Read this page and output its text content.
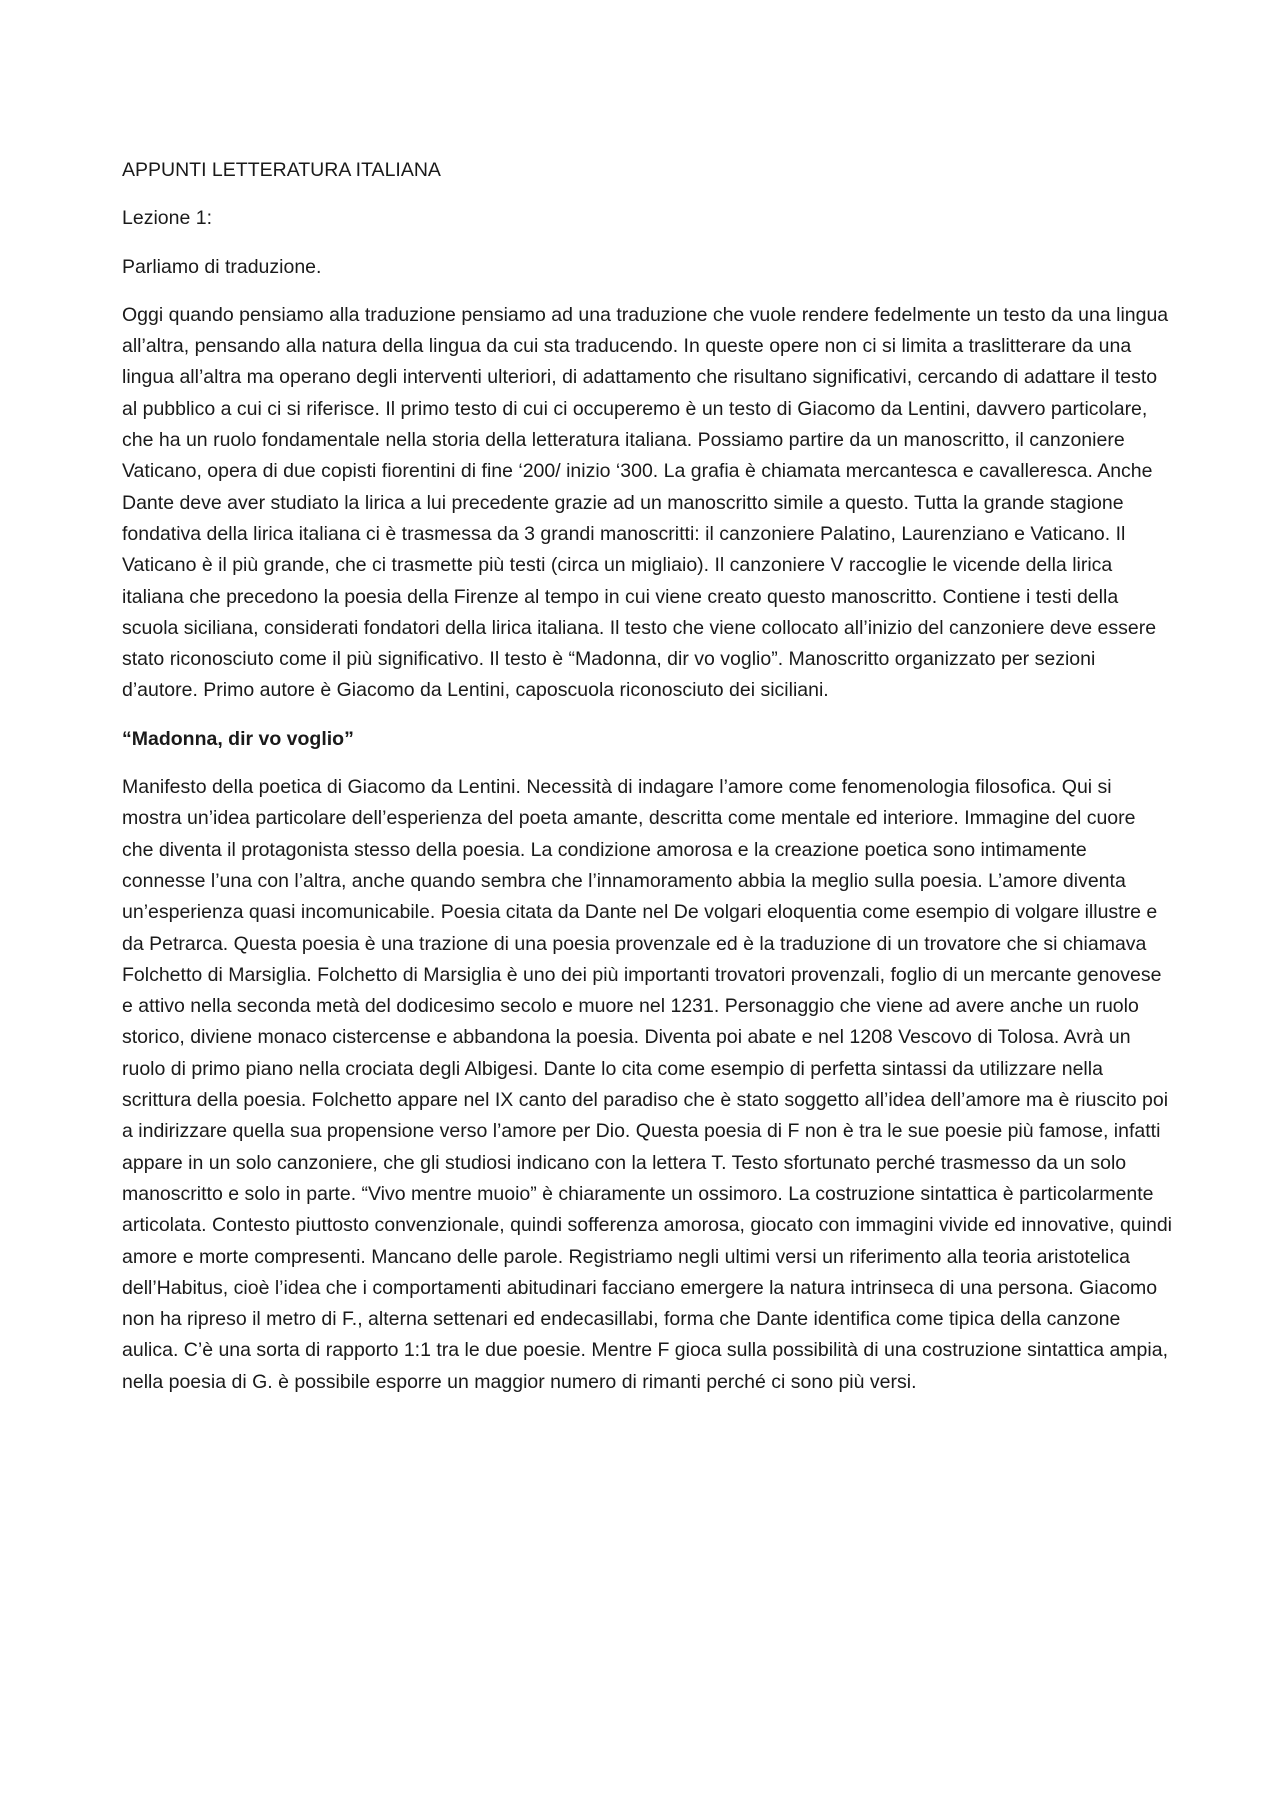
APPUNTI LETTERATURA ITALIANA

Lezione 1:

Parliamo di traduzione.

Oggi quando pensiamo alla traduzione pensiamo ad una traduzione che vuole rendere fedelmente un testo da una lingua all’altra, pensando alla natura della lingua da cui sta traducendo. In queste opere non ci si limita a traslitterare da una lingua all’altra ma operano degli interventi ulteriori, di adattamento che risultano significativi, cercando di adattare il testo al pubblico a cui ci si riferisce. Il primo testo di cui ci occuperemo è un testo di Giacomo da Lentini, davvero particolare, che ha un ruolo fondamentale nella storia della letteratura italiana. Possiamo partire da un manoscritto, il canzoniere Vaticano, opera di due copisti fiorentini di fine ‘200/ inizio ‘300. La grafia è chiamata mercantesca e cavalleresca. Anche Dante deve aver studiato la lirica a lui precedente grazie ad un manoscritto simile a questo. Tutta la grande stagione fondativa della lirica italiana ci è trasmessa da 3 grandi manoscritti: il canzoniere Palatino, Laurenziano e Vaticano. Il Vaticano è il più grande, che ci trasmette più testi (circa un migliaio). Il canzoniere V raccoglie le vicende della lirica italiana che precedono la poesia della Firenze al tempo in cui viene creato questo manoscritto. Contiene i testi della scuola siciliana, considerati fondatori della lirica italiana. Il testo che viene collocato all’inizio del canzoniere deve essere stato riconosciuto come il più significativo. Il testo è “Madonna, dir vo voglio”. Manoscritto organizzato per sezioni d’autore. Primo autore è Giacomo da Lentini, caposcuola riconosciuto dei siciliani.

“Madonna, dir vo voglio”

Manifesto della poetica di Giacomo da Lentini. Necessità di indagare l’amore come fenomenologia filosofica. Qui si mostra un’idea particolare dell’esperienza del poeta amante, descritta come mentale ed interiore. Immagine del cuore che diventa il protagonista stesso della poesia. La condizione amorosa e la creazione poetica sono intimamente connesse l’una con l’altra, anche quando sembra che l’innamoramento abbia la meglio sulla poesia. L’amore diventa un’esperienza quasi incomunicabile. Poesia citata da Dante nel De volgari eloquentia come esempio di volgare illustre e da Petrarca. Questa poesia è una trazione di una poesia provenzale ed è la traduzione di un trovatore che si chiamava Folchetto di Marsiglia. Folchetto di Marsiglia è uno dei più importanti trovatori provenzali, foglio di un mercante genovese e attivo nella seconda metà del dodicesimo secolo e muore nel 1231. Personaggio che viene ad avere anche un ruolo storico, diviene monaco cistercense e abbandona la poesia. Diventa poi abate e nel 1208 Vescovo di Tolosa. Avrà un ruolo di primo piano nella crociata degli Albigesi. Dante lo cita come esempio di perfetta sintassi da utilizzare nella scrittura della poesia. Folchetto appare nel IX canto del paradiso che è stato soggetto all’idea dell’amore ma è riuscito poi a indirizzare quella sua propensione verso l’amore per Dio. Questa poesia di F non è tra le sue poesie più famose, infatti appare in un solo canzoniere, che gli studiosi indicano con la lettera T. Testo sfortunato perché trasmesso da un solo manoscritto e solo in parte. “Vivo mentre muoio” è chiaramente un ossimoro. La costruzione sintattica è particolarmente articolata. Contesto piuttosto convenzionale, quindi sofferenza amorosa, giocato con immagini vivide ed innovative, quindi amore e morte compresenti. Mancano delle parole. Registriamo negli ultimi versi un riferimento alla teoria aristotelica dell’Habitus, cioè l’idea che i comportamenti abitudinari facciano emergere la natura intrinseca di una persona. Giacomo non ha ripreso il metro di F., alterna settenari ed endecasillabi, forma che Dante identifica come tipica della canzone aulica. C’è una sorta di rapporto 1:1 tra le due poesie. Mentre F gioca sulla possibilità di una costruzione sintattica ampia, nella poesia di G. è possibile esporre un maggior numero di rimanti perché ci sono più versi.
